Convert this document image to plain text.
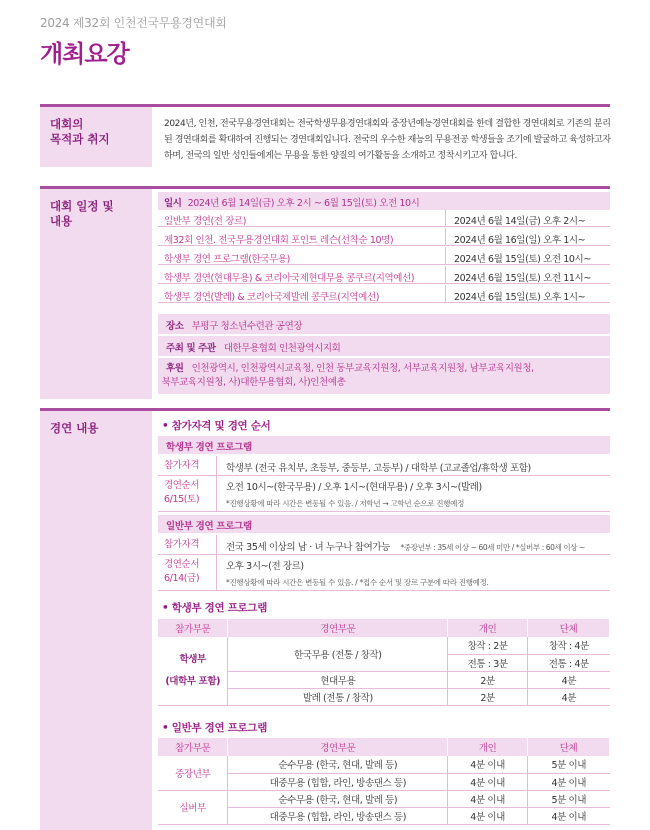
2024 제32회 인천전국무용경연대회
개최요강
대회의
목적과 취지
2024년, 인천, 전국무용경연대회는 전국학생무용경연대회와 중장년예능경연대회를 한데 결합한 경연대회로 기존의 분리된 경연대회를 확대하여 진행되는 경연대회입니다. 전국의 우수한 재능의 무용전공 학생들을 조기에 발굴하고 육성하고자 하며, 전국의 일반 성인들에게는 무용을 통한 양질의 여가활동을 소개하고 정착시키고자 합니다.
대회 일정 및
내용
일시 2024년 6월 14일(금) 오후 2시 ~ 6월 15일(토) 오전 10시
일반부 경연(전 장르)	2024년 6월 14일(금) 오후 2시~
제32회 인천. 전국무용경연대회 포인트 레슨(선착순 10명)	2024년 6월 16일(일) 오후 1시~
학생부 경연 프로그램(한국무용)	2024년 6월 15일(토) 오전 10시~
학생부 경연(현대무용) & 코리아국제현대무용 콩쿠르(지역예선)	2024년 6월 15일(토) 오전 11시~
학생부 경연(발레) & 코리아국제발레 콩쿠르(지역예선)	2024년 6월 15일(토) 오후 1시~
장소 부평구 청소년수련관 공연장
주최 및 주관 대한무용협회 인천광역시지회
후원 인천광역시, 인천광역시교육청, 인천 동부교육지원청, 서부교육지원청, 남부교육지원청,
북부교육지원청, 사)대한무용협회, 사)인천예총
경연 내용	• 참가자격 및 경연 순서
학생부 경연 프로그램
참가자격	학생부 (전국 유치부, 초등부, 중등부, 고등부) / 대학부 (고교졸업/휴학생 포함)
경연순서
6/15(토)
오전 10시~(한국무용) / 오후 1시~(현대무용) / 오후 3시~(발레)
*진행상황에 따라 시간은 변동될 수 있음. / 저학년 → 고학년 순으로 진행예정
일반부 경연 프로그램
참가자격	전국 35세 이상의 남 · 녀 누구나 참여가능 *중장년부 : 35세 이상 ~ 60세 미만 / *실버부 : 60세 이상 ~
경연순서
6/14(금)
오후 3시~(전 장르)
*진행상황에 따라 시간은 변동될 수 있음. / *접수 순서 및 장르 구분에 따라 진행예정.
• 학생부 경연 프로그램
참가부문	경연부문	개인	단체

학생부
(대학부 포함)	한국무용 (전통 / 창작)	창작 : 2분	창작 : 4분
		전통 : 3분	전통 : 4분
	현대무용	2분	4분
	발레 (전통 / 창작)	2분	4분
• 일반부 경연 프로그램
참가부문	경연부문	개인	단체
중장년부	순수무용 (한국, 현대, 발레 등)	4분 이내	5분 이내
	대중무용 (힙합, 라인, 방송댄스 등)	4분 이내	4분 이내
실버부	순수무용 (한국, 현대, 발레 등)	4분 이내	5분 이내
	대중무용 (힙합, 라인, 방송댄스 등)	4분 이내	4분 이내
